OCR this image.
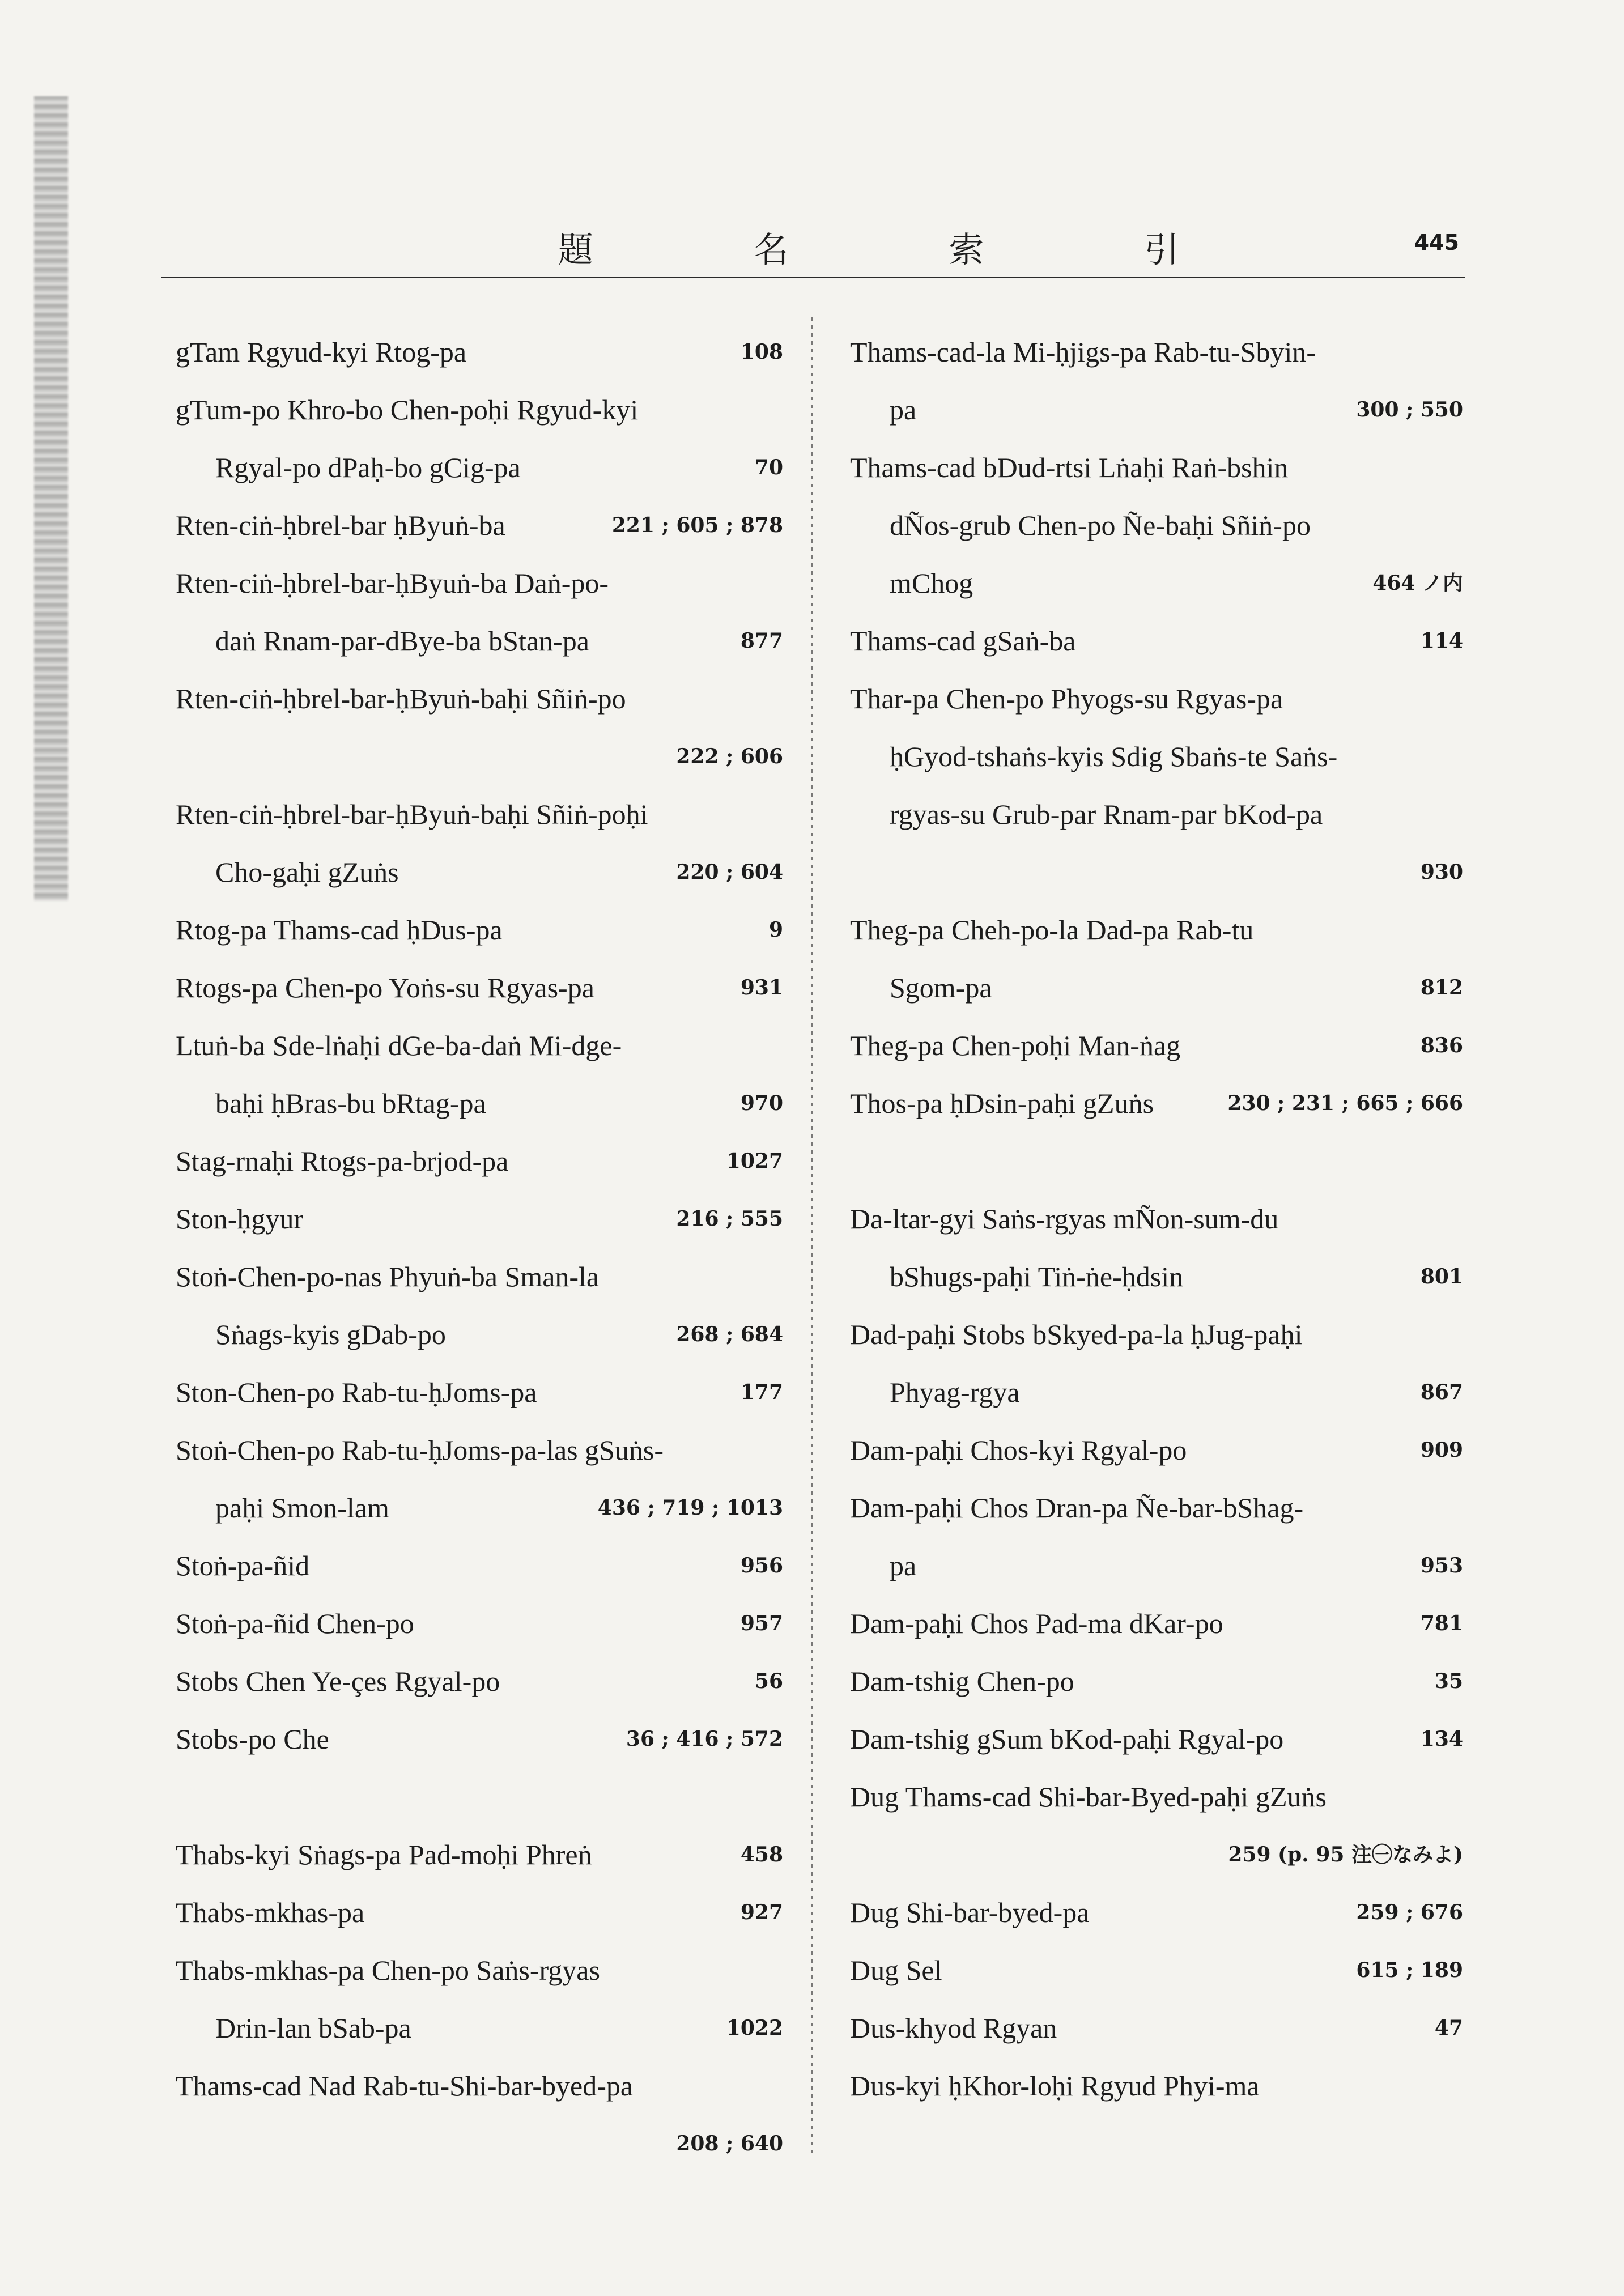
題	名	索	引	445
gTam Rgyud-kyi Rtog-pa	108
gTum-po Khro-bo Chen-poḥi Rgyud-kyi
Rgyal-po dPaḥ-bo gCig-pa	70
Rten-ciṅ-ḥbrel-bar ḥByuṅ-ba	221 ; 605 ; 878
Rten-ciṅ-ḥbrel-bar-ḥByuṅ-ba Daṅ-po-
daṅ Rnam-par-dBye-ba bStan-pa	877
Rten-ciṅ-ḥbrel-bar-ḥByuṅ-baḥi Sñiṅ-po
222 ; 606
Rten-ciṅ-ḥbrel-bar-ḥByuṅ-baḥi Sñiṅ-poḥi
Cho-gaḥi gZuṅs	220 ; 604
Rtog-pa Thams-cad ḥDus-pa	9
Rtogs-pa Chen-po Yoṅs-su Rgyas-pa	931
Ltuṅ-ba Sde-lṅaḥi dGe-ba-daṅ Mi-dge-
baḥi ḥBras-bu bRtag-pa	970
Stag-rnaḥi Rtogs-pa-brjod-pa	1027
Ston-ḥgyur	216 ; 555
Stoṅ-Chen-po-nas Phyuṅ-ba Sman-la
Sṅags-kyis gDab-po	268 ; 684
Ston-Chen-po Rab-tu-ḥJoms-pa	177
Stoṅ-Chen-po Rab-tu-ḥJoms-pa-las gSuṅs-
paḥi Smon-lam	436 ; 719 ; 1013
Stoṅ-pa-ñid	956
Stoṅ-pa-ñid Chen-po	957
Stobs Chen Ye-çes Rgyal-po	56
Stobs-po Che	36 ; 416 ; 572
Thabs-kyi Sṅags-pa Pad-moḥi Phreṅ	458
Thabs-mkhas-pa	927
Thabs-mkhas-pa Chen-po Saṅs-rgyas
Drin-lan bSab-pa	1022
Thams-cad Nad Rab-tu-Shi-bar-byed-pa
208 ; 640
Thams-cad-la Mi-ḥjigs-pa Rab-tu-Sbyin-
pa	300 ; 550
Thams-cad bDud-rtsi Lṅaḥi Raṅ-bshin
dÑos-grub Chen-po Ñe-baḥi Sñiṅ-po
mChog	464 ノ内
Thams-cad gSaṅ-ba	114
Thar-pa Chen-po Phyogs-su Rgyas-pa
ḥGyod-tshaṅs-kyis Sdig Sbaṅs-te Saṅs-
rgyas-su Grub-par Rnam-par bKod-pa
930
Theg-pa Cheh-po-la Dad-pa Rab-tu
Sgom-pa	812
Theg-pa Chen-poḥi Man-ṅag	836
Thos-pa ḥDsin-paḥi gZuṅs	230 ; 231 ; 665 ; 666
Da-ltar-gyi Saṅs-rgyas mÑon-sum-du
bShugs-paḥi Tiṅ-ṅe-ḥdsin	801
Dad-paḥi Stobs bSkyed-pa-la ḥJug-paḥi
Phyag-rgya	867
Dam-paḥi Chos-kyi Rgyal-po	909
Dam-paḥi Chos Dran-pa Ñe-bar-bShag-
pa	953
Dam-paḥi Chos Pad-ma dKar-po	781
Dam-tshig Chen-po	35
Dam-tshig gSum bKod-paḥi Rgyal-po	134
Dug Thams-cad Shi-bar-Byed-paḥi gZuṅs
259 (p. 95 注㊀なみよ)
Dug Shi-bar-byed-pa	259 ; 676
Dug Sel	615 ; 189
Dus-khyod Rgyan	47
Dus-kyi ḥKhor-loḥi Rgyud Phyi-ma
